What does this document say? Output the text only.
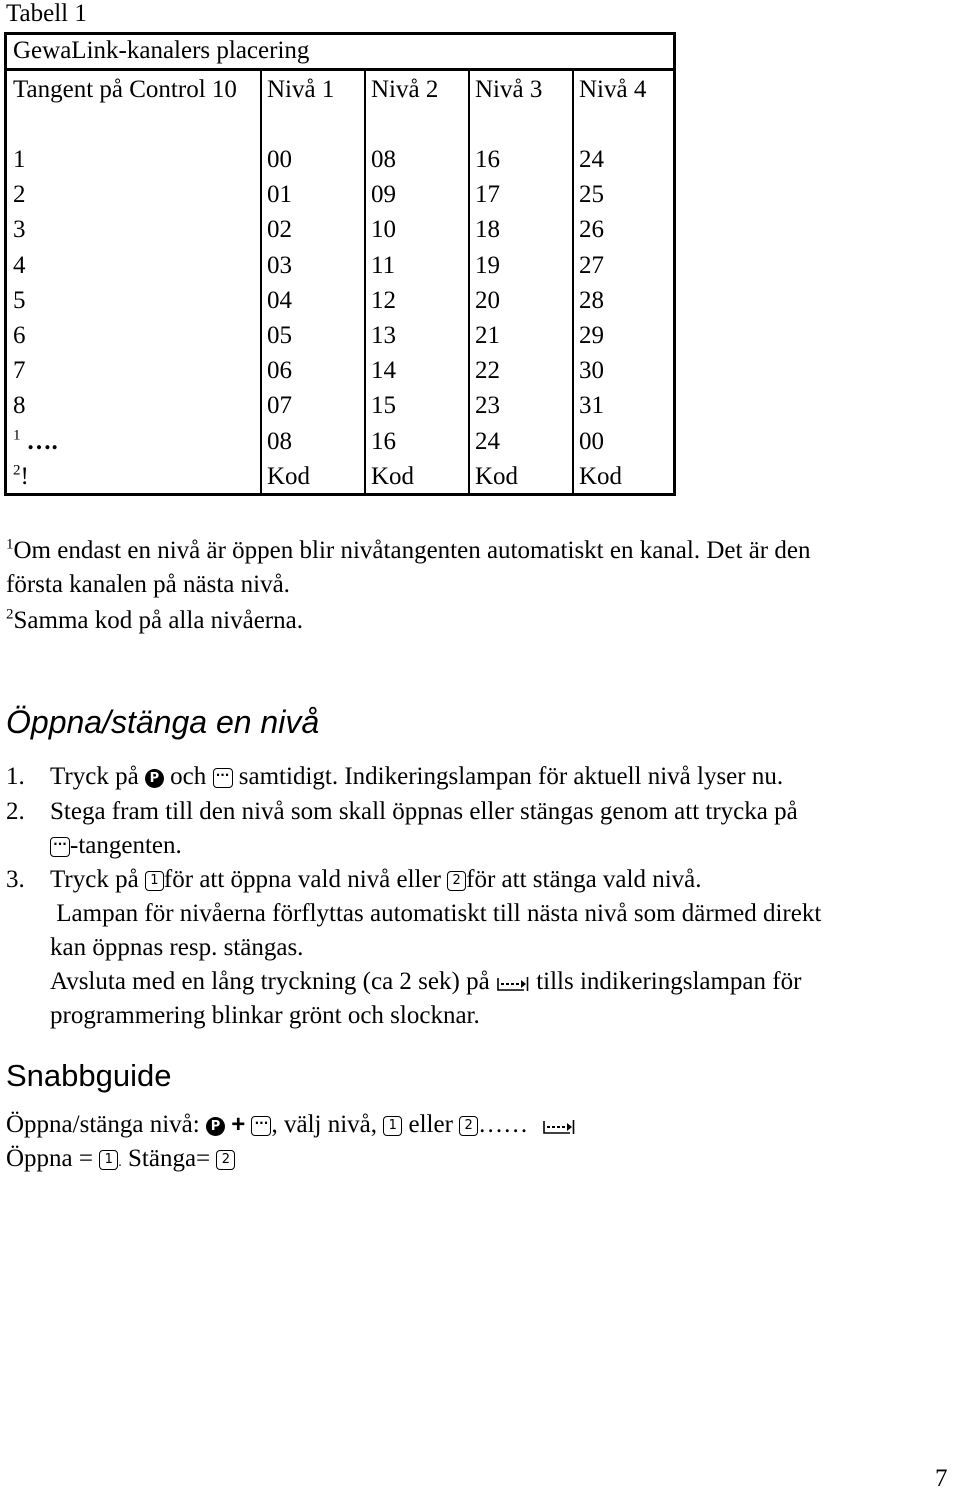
Tabell 1
GewaLink-kanalers placering
Tangent på Control 10	Nivå 1 Nivå 2 Nivå 3 Nivå 4
1	00	08	16	24
2	01	09	17	25
3	02	10	18	26
4	03	11	19	27
5	04	12	20	28
6	05	13	21	29
7	06	14	22	30
8	07	15	23	31
$^1$ ….	08	16	24	00
$^2$!	Kod Kod Kod Kod
$^1$Om endast en nivå är öppen blir nivåtangenten automatiskt en kanal. Det är den
första kanalen på nästa nivå.
$^2$Samma kod på alla nivåerna.
Öppna/stänga en nivå
1. Tryck på P och ··· samtidigt. Indikeringslampan för aktuell nivå lyser nu.
2. Stega fram till den nivå som skall öppnas eller stängas genom att trycka på
··· -tangenten.
3. Tryck på 1 för att öppna vald nivå eller 2 för att stänga vald nivå.
Lampan för nivåerna förflyttas automatiskt till nästa nivå som därmed direkt
kan öppnas resp. stängas.
Avsluta med en lång tryckning (ca 2 sek) på tills indikeringslampan för
programmering blinkar grönt och slocknar.
Snabbguide
Öppna/stänga nivå: P + ··· , välj nivå, 1 eller 2 ……
Öppna = 1 . Stänga= 2
7
